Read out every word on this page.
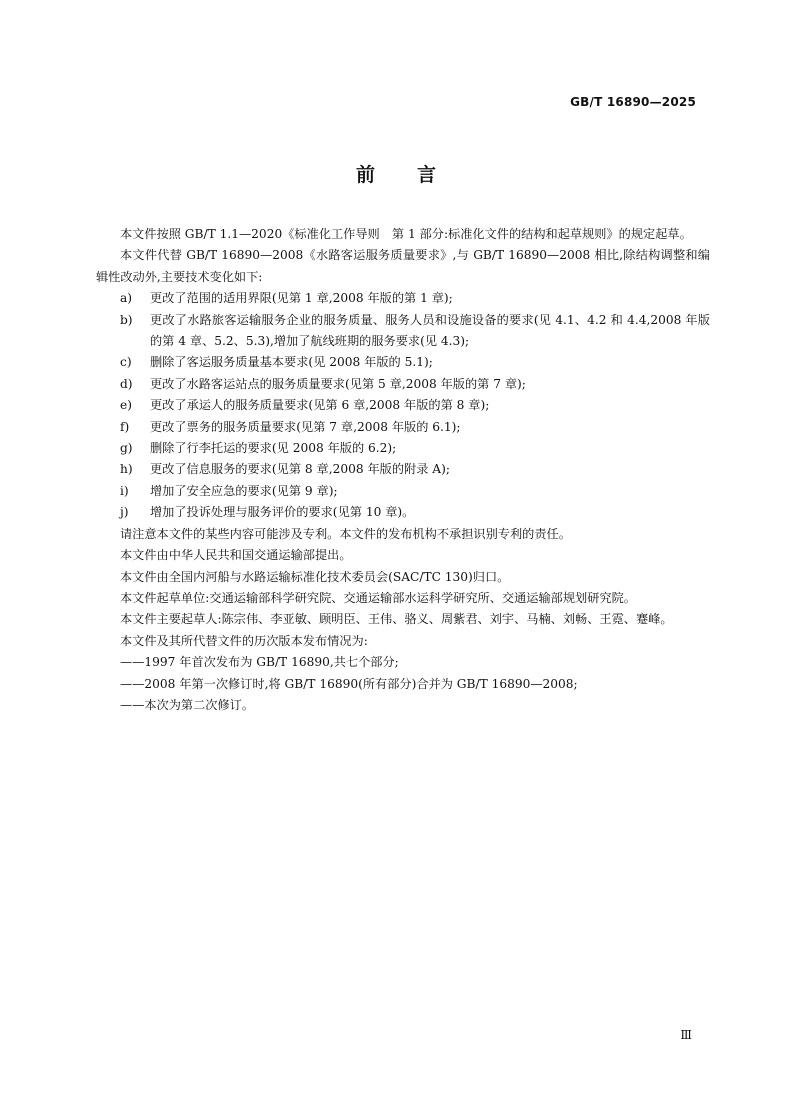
GB/T 16890—2025
前 言

本文件按照 GB/T 1.1—2020《标准化工作导则　第 1 部分:标准化文件的结构和起草规则》的规定起草。

本文件代替 GB/T 16890—2008《水路客运服务质量要求》,与 GB/T 16890—2008 相比,除结构调整和编辑性改动外,主要技术变化如下:

a) 更改了范围的适用界限(见第 1 章,2008 年版的第 1 章);
b) 更改了水路旅客运输服务企业的服务质量、服务人员和设施设备的要求(见 4.1、4.2 和 4.4,2008 年版的第 4 章、5.2、5.3),增加了航线班期的服务要求(见 4.3);
c) 删除了客运服务质量基本要求(见 2008 年版的 5.1);
d) 更改了水路客运站点的服务质量要求(见第 5 章,2008 年版的第 7 章);
e) 更改了承运人的服务质量要求(见第 6 章,2008 年版的第 8 章);
f) 更改了票务的服务质量要求(见第 7 章,2008 年版的 6.1);
g) 删除了行李托运的要求(见 2008 年版的 6.2);
h) 更改了信息服务的要求(见第 8 章,2008 年版的附录 A);
i) 增加了安全应急的要求(见第 9 章);
j) 增加了投诉处理与服务评价的要求(见第 10 章)。

请注意本文件的某些内容可能涉及专利。本文件的发布机构不承担识别专利的责任。

本文件由中华人民共和国交通运输部提出。

本文件由全国内河船与水路运输标准化技术委员会(SAC/TC 130)归口。

本文件起草单位:交通运输部科学研究院、交通运输部水运科学研究所、交通运输部规划研究院。

本文件主要起草人:陈宗伟、李亚敏、顾明臣、王伟、骆义、周紫君、刘宇、马楠、刘畅、王霓、蹇峰。

本文件及其所代替文件的历次版本发布情况为:

——1997 年首次发布为 GB/T 16890,共七个部分;
——2008 年第一次修订时,将 GB/T 16890(所有部分)合并为 GB/T 16890—2008;
——本次为第二次修订。
Ⅲ
